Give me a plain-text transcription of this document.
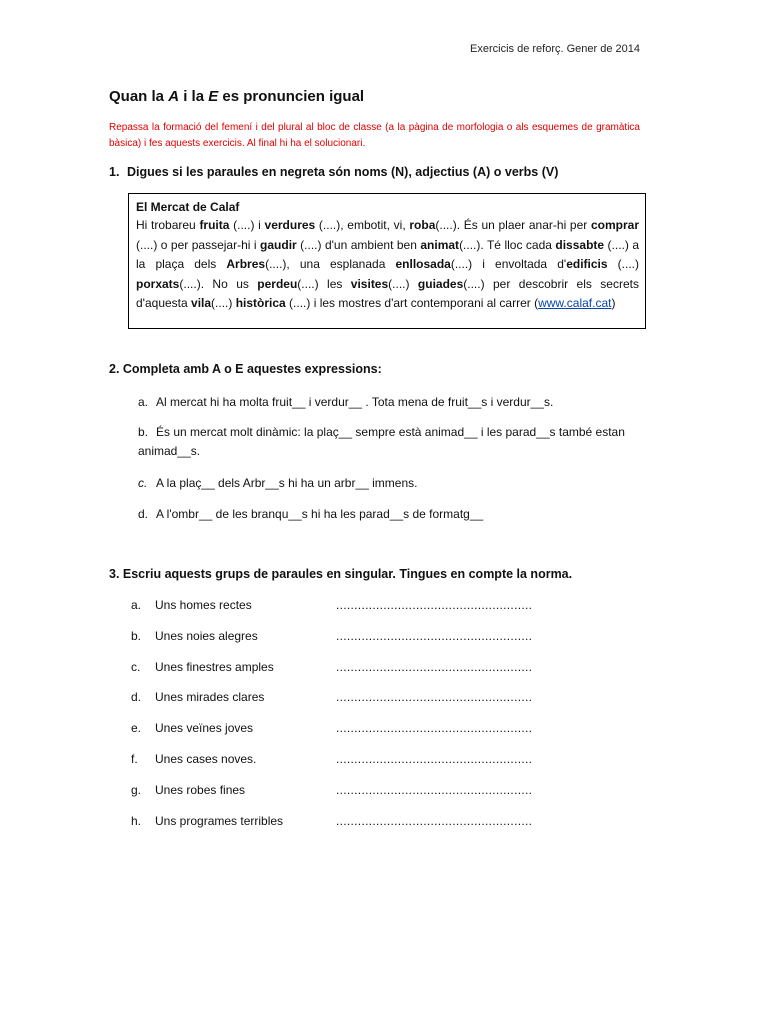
Exercicis de reforç. Gener de 2014
Quan la A i la E es pronuncien igual
Repassa la formació del femení i del plural al bloc de classe (a la pàgina de morfologia o als esquemes de gramàtica bàsica) i fes aquests exercicis. Al final hi ha el solucionari.
1. Digues si les paraules en negreta són noms (N), adjectius (A) o verbs (V)
El Mercat de Calaf

Hi trobareu fruita (....) i verdures (....), embotit, vi, roba(....). És un plaer anar-hi per comprar (....) o per passejar-hi i gaudir (....) d'un ambient ben animat(....). Té lloc cada dissabte (....) a la plaça dels Arbres(....), una esplanada enllosada(....) i envoltada d'edificis (....) porxats(....). No us perdeu(....) les visites(....) guiades(....) per descobrir els secrets d'aquesta vila(....) històrica (....) i les mostres d'art contemporani al carrer (www.calaf.cat)

2. Completa amb A o E aquestes expressions:
a. Al mercat hi ha molta fruit__ i verdur__ . Tota mena de fruit__s i verdur__s.
b. És un mercat molt dinàmic: la plaç__ sempre està animad__ i les parad__s també estan animad__s.
c. A la plaç__ dels Arbr__s hi ha un arbr__ immens.
d. A l'ombr__ de les branqu__s hi ha les parad__s de formatg__
3. Escriu aquests grups de paraules en singular. Tingues en compte la norma.
a.	Uns homes rectes	......................................................
b.	Unes noies alegres	......................................................
c.	Unes finestres amples	......................................................
d.	Unes mirades clares	......................................................
e.	Unes veïnes joves	......................................................
f.	Unes cases noves.	......................................................
g.	Unes robes fines	......................................................
h.	Uns programes terribles	......................................................
